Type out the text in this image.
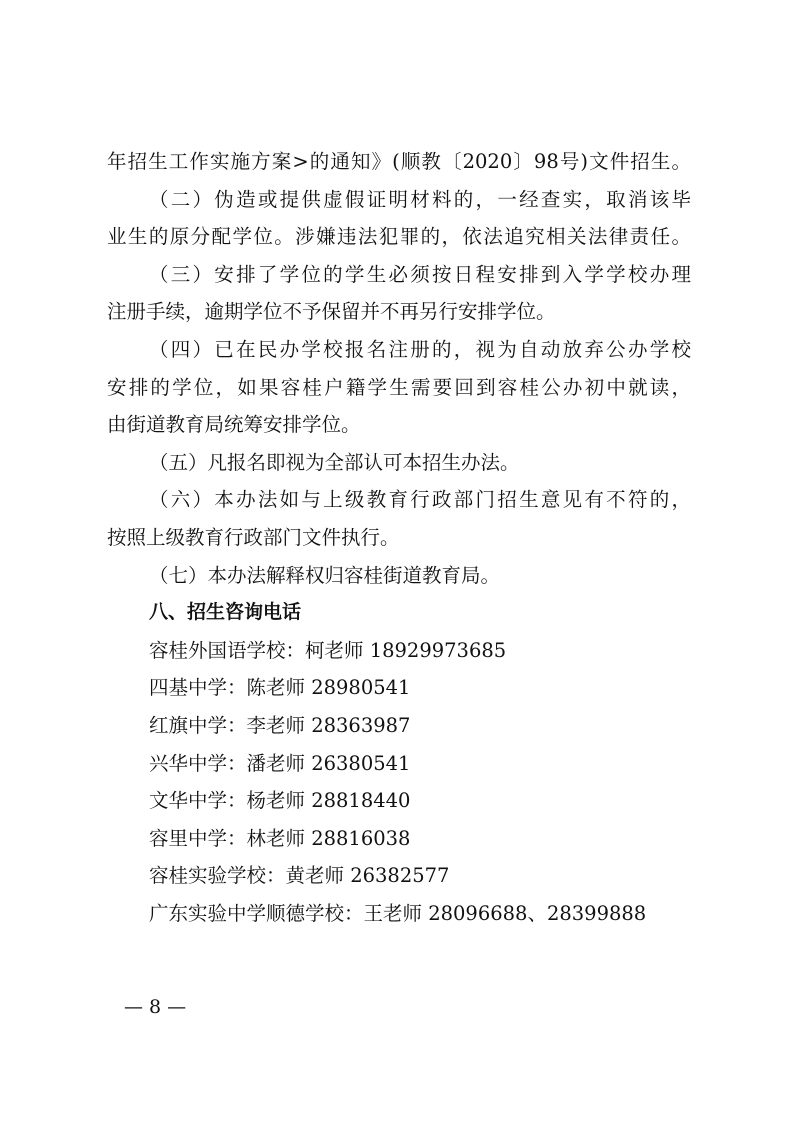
年招生工作实施方案>的通知》(顺教〔2020〕98号)文件招生。
（二）伪造或提供虚假证明材料的，一经查实，取消该毕
业生的原分配学位。涉嫌违法犯罪的，依法追究相关法律责任。
（三）安排了学位的学生必须按日程安排到入学学校办理
注册手续，逾期学位不予保留并不再另行安排学位。
（四）已在民办学校报名注册的，视为自动放弃公办学校
安排的学位，如果容桂户籍学生需要回到容桂公办初中就读，
由街道教育局统筹安排学位。
（五）凡报名即视为全部认可本招生办法。
（六）本办法如与上级教育行政部门招生意见有不符的，
按照上级教育行政部门文件执行。
（七）本办法解释权归容桂街道教育局。
八、招生咨询电话
容桂外国语学校：柯老师 18929973685
四基中学：陈老师 28980541
红旗中学：李老师 28363987
兴华中学：潘老师 26380541
文华中学：杨老师 28818440
容里中学：林老师 28816038
容桂实验学校：黄老师 26382577
广东实验中学顺德学校：王老师 28096688、28399888
— 8 —
